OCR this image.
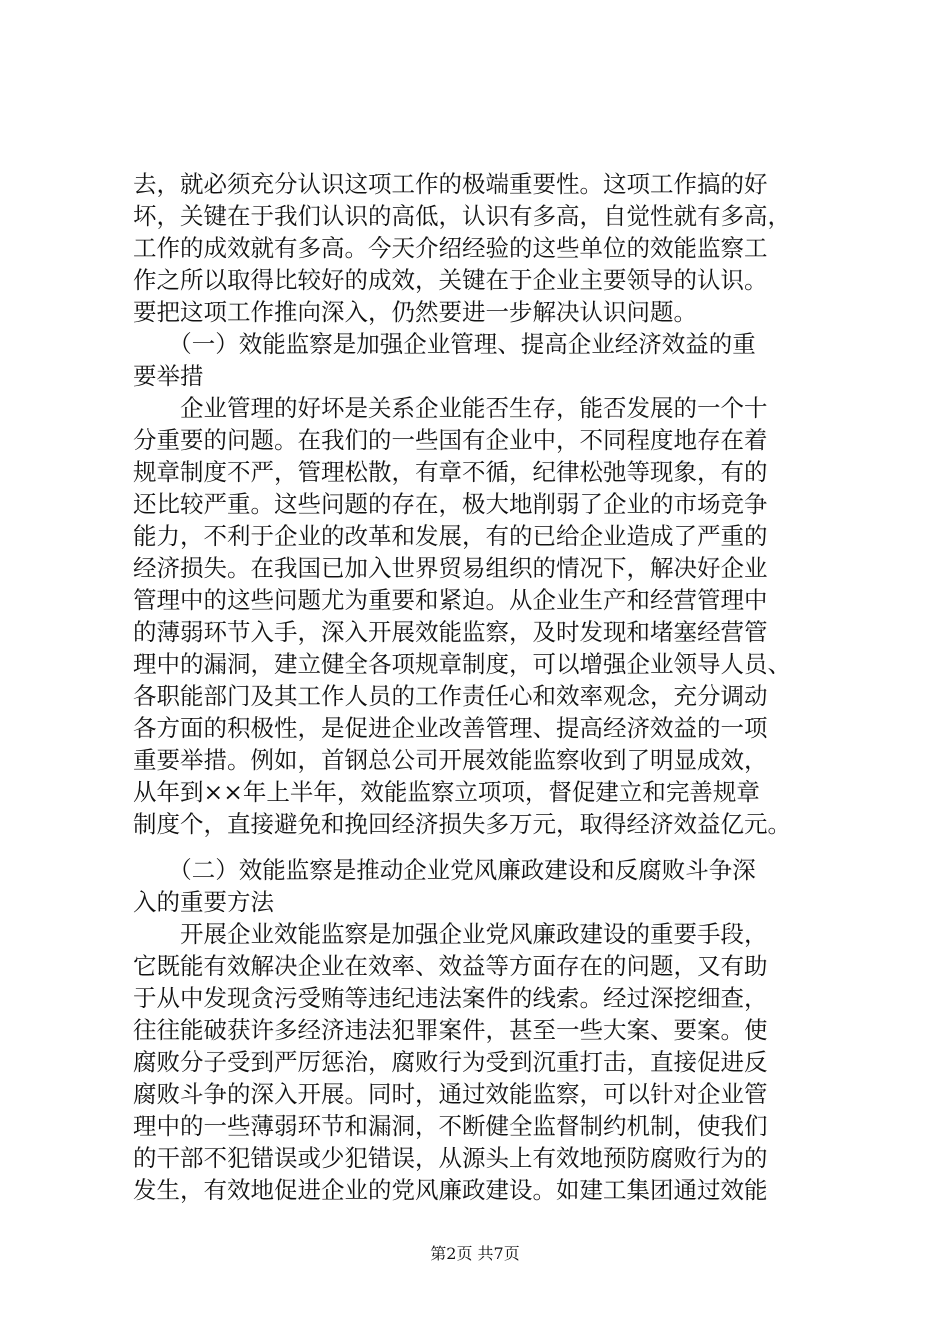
去，就必须充分认识这项工作的极端重要性。这项工作搞的好
坏，关键在于我们认识的高低，认识有多高，自觉性就有多高，
工作的成效就有多高。今天介绍经验的这些单位的效能监察工
作之所以取得比较好的成效，关键在于企业主要领导的认识。
要把这项工作推向深入，仍然要进一步解决认识问题。
　　（一）效能监察是加强企业管理、提高企业经济效益的重
要举措
　　企业管理的好坏是关系企业能否生存，能否发展的一个十
分重要的问题。在我们的一些国有企业中，不同程度地存在着
规章制度不严，管理松散，有章不循，纪律松弛等现象，有的
还比较严重。这些问题的存在，极大地削弱了企业的市场竞争
能力，不利于企业的改革和发展，有的已给企业造成了严重的
经济损失。在我国已加入世界贸易组织的情况下，解决好企业
管理中的这些问题尤为重要和紧迫。从企业生产和经营管理中
的薄弱环节入手，深入开展效能监察，及时发现和堵塞经营管
理中的漏洞，建立健全各项规章制度，可以增强企业领导人员、
各职能部门及其工作人员的工作责任心和效率观念，充分调动
各方面的积极性，是促进企业改善管理、提高经济效益的一项
重要举措。例如，首钢总公司开展效能监察收到了明显成效，
从年到××年上半年，效能监察立项项，督促建立和完善规章
制度个，直接避免和挽回经济损失多万元，取得经济效益亿元。
　　（二）效能监察是推动企业党风廉政建设和反腐败斗争深
入的重要方法
　　开展企业效能监察是加强企业党风廉政建设的重要手段，
它既能有效解决企业在效率、效益等方面存在的问题，又有助
于从中发现贪污受贿等违纪违法案件的线索。经过深挖细查，
往往能破获许多经济违法犯罪案件，甚至一些大案、要案。使
腐败分子受到严厉惩治，腐败行为受到沉重打击，直接促进反
腐败斗争的深入开展。同时，通过效能监察，可以针对企业管
理中的一些薄弱环节和漏洞，不断健全监督制约机制，使我们
的干部不犯错误或少犯错误，从源头上有效地预防腐败行为的
发生，有效地促进企业的党风廉政建设。如建工集团通过效能
第2页 共7页
